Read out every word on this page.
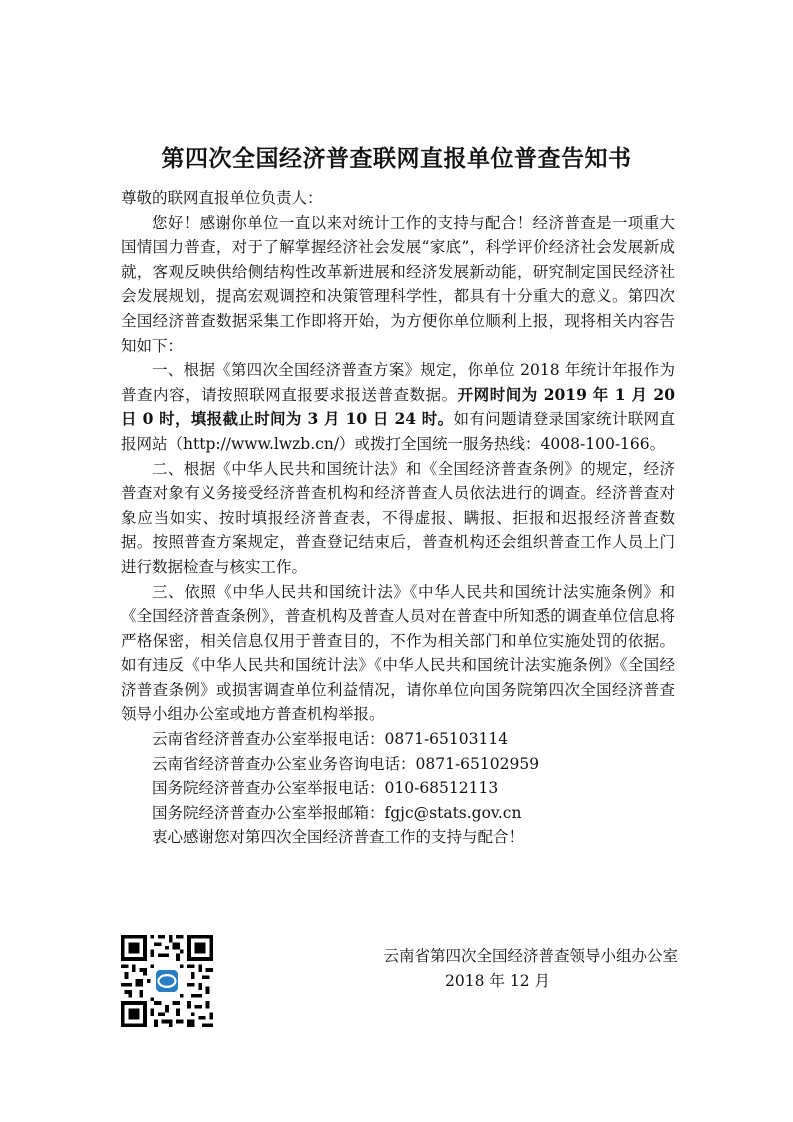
第四次全国经济普查联网直报单位普查告知书

尊敬的联网直报单位负责人：

您好！感谢你单位一直以来对统计工作的支持与配合！经济普查是一项重大国情国力普查，对于了解掌握经济社会发展“家底”，科学评价经济社会发展新成就，客观反映供给侧结构性改革新进展和经济发展新动能，研究制定国民经济社会发展规划，提高宏观调控和决策管理科学性，都具有十分重大的意义。第四次全国经济普查数据采集工作即将开始，为方便你单位顺利上报，现将相关内容告知如下：

一、根据《第四次全国经济普查方案》规定，你单位 2018 年统计年报作为普查内容，请按照联网直报要求报送普查数据。开网时间为 2019 年 1 月 20 日 0 时，填报截止时间为 3 月 10 日 24 时。如有问题请登录国家统计联网直报网站（http://www.lwzb.cn/）或拨打全国统一服务热线：4008-100-166。

二、根据《中华人民共和国统计法》和《全国经济普查条例》的规定，经济普查对象有义务接受经济普查机构和经济普查人员依法进行的调查。经济普查对象应当如实、按时填报经济普查表，不得虚报、瞒报、拒报和迟报经济普查数据。按照普查方案规定，普查登记结束后，普查机构还会组织普查工作人员上门进行数据检查与核实工作。

三、依照《中华人民共和国统计法》《中华人民共和国统计法实施条例》和《全国经济普查条例》，普查机构及普查人员对在普查中所知悉的调查单位信息将严格保密，相关信息仅用于普查目的，不作为相关部门和单位实施处罚的依据。如有违反《中华人民共和国统计法》《中华人民共和国统计法实施条例》《全国经济普查条例》或损害调查单位利益情况，请你单位向国务院第四次全国经济普查领导小组办公室或地方普查机构举报。

云南省经济普查办公室举报电话：0871-65103114

云南省经济普查办公室业务咨询电话：0871-65102959

国务院经济普查办公室举报电话：010-68512113

国务院经济普查办公室举报邮箱：fgjc@stats.gov.cn

衷心感谢您对第四次全国经济普查工作的支持与配合！

云南省第四次全国经济普查领导小组办公室
2018 年 12 月
